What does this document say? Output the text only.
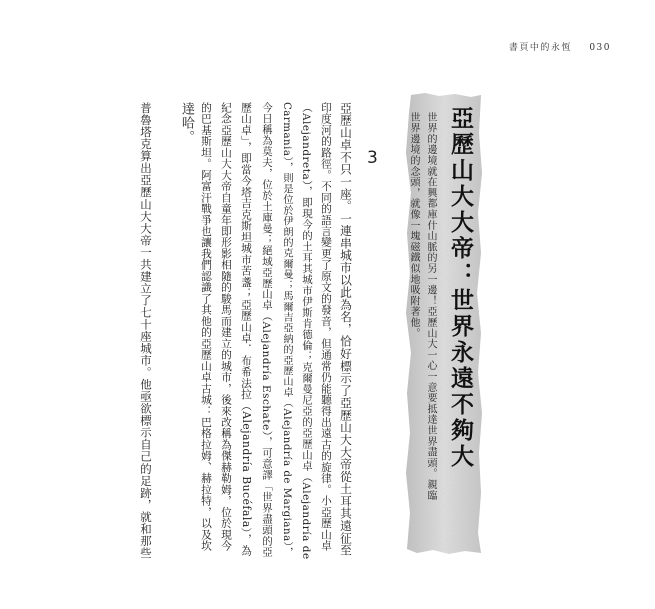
書頁中的永恆 030
亞歷山大大帝：世界永遠不夠大
世界的邊境就在興都庫什山脈的另一邊！亞歷山大一心一意要抵達世界盡頭。親臨
世界邊境的念頭，就像一塊磁鐵似地吸附著他。
3
亞歷山卓不只一座。一連串城市以此為名，恰好標示了亞歷山大大帝從土耳其遠征至
印度河的路徑。不同的語言變更了原文的發音，但通常仍能聽得出遠古的旋律。小亞歷山卓
（Alejandreta），即現今的土耳其城市伊斯肯德倫；克爾曼尼亞的亞歷山卓（Alejandría de
Carmania），則是位於伊朗的克爾曼；馬爾吉亞納的亞歷山卓（Alejandría de Margiana），
今日稱為莫夫，位於土庫曼；絕域亞歷山卓（Alejandría Eschate），可意譯「世界盡頭的亞
歷山卓」，即當今塔吉克斯坦城市苦盞；亞歷山卓．布希法拉（Alejandría Bucéfala），為
紀念亞歷山大大帝自童年即形影相隨的駿馬而建立的城市，後來改稱為傑赫勒姆，位於現今
的巴基斯坦。阿富汗戰爭也讓我們認識了其他的亞歷山卓古城：巴格拉姆、赫拉特，以及坎
達哈。
普魯塔克算出亞歷山大大帝一共建立了七十座城市。他亟欲標示自己的足跡，就和那些
